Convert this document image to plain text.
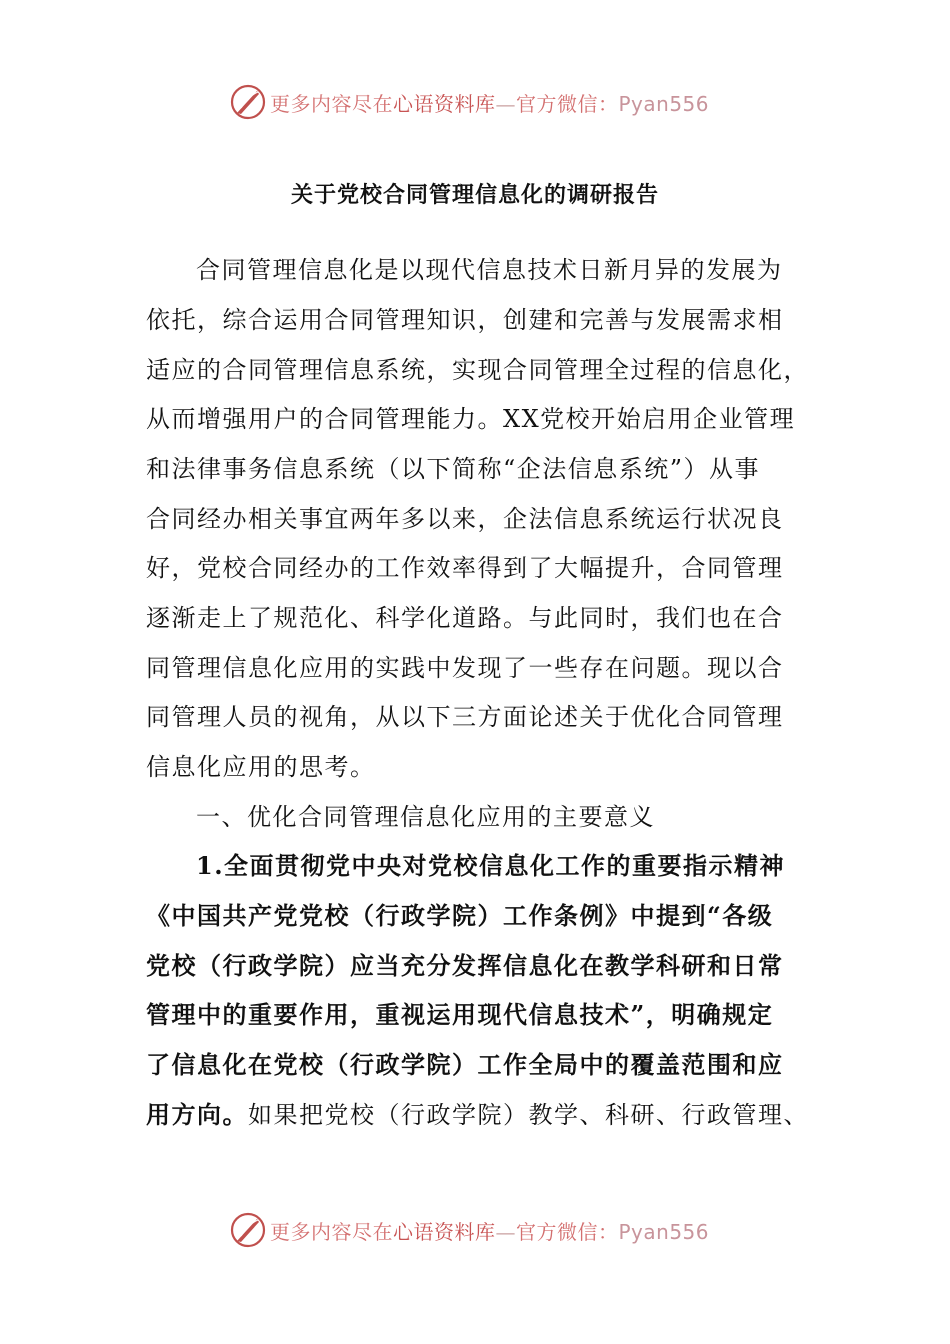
更多内容尽在心语资料库—官方微信：Pyan556
关于党校合同管理信息化的调研报告
合同管理信息化是以现代信息技术日新月异的发展为
依托，综合运用合同管理知识，创建和完善与发展需求相
适应的合同管理信息系统，实现合同管理全过程的信息化，
从而增强用户的合同管理能力。XX党校开始启用企业管理
和法律事务信息系统（以下简称“企法信息系统”）从事
合同经办相关事宜两年多以来，企法信息系统运行状况良
好，党校合同经办的工作效率得到了大幅提升，合同管理
逐渐走上了规范化、科学化道路。与此同时，我们也在合
同管理信息化应用的实践中发现了一些存在问题。现以合
同管理人员的视角，从以下三方面论述关于优化合同管理
信息化应用的思考。
一、优化合同管理信息化应用的主要意义
1.全面贯彻党中央对党校信息化工作的重要指示精神
《中国共产党党校（行政学院）工作条例》中提到“各级
党校（行政学院）应当充分发挥信息化在教学科研和日常
管理中的重要作用，重视运用现代信息技术”，明确规定
了信息化在党校（行政学院）工作全局中的覆盖范围和应
用方向。如果把党校（行政学院）教学、科研、行政管理、
更多内容尽在心语资料库—官方微信：Pyan556
